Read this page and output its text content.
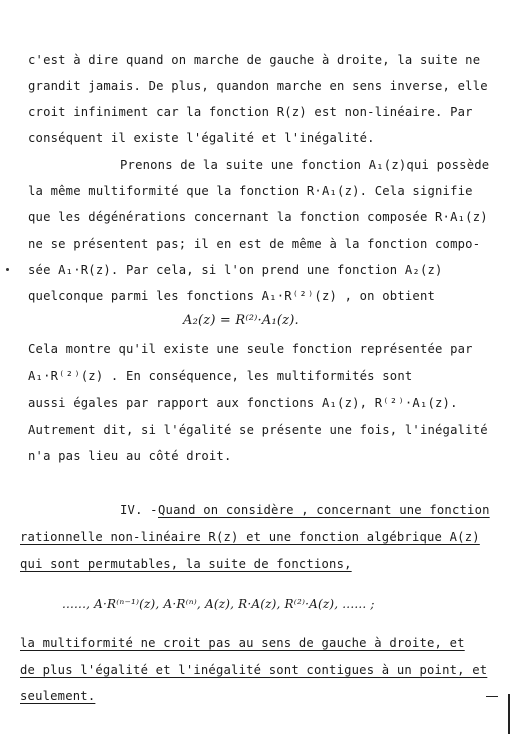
c'est à dire quand on marche de gauche à droite, la suite ne
grandit jamais. De plus, quandon marche en sens inverse, elle
croit infiniment car la fonction R(z) est non-linéaire. Par
conséquent il existe l'égalité et l'inégalité.
Prenons de la suite une fonction A₁(z)qui possède
la même multiformité que la fonction R·A₁(z). Cela signifie
que les dégénérations concernant la fonction composée R·A₁(z)
ne se présentent pas; il en est de même à la fonction compo-
sée A₁·R(z). Par cela, si l'on prend une fonction A₂(z)
quelconque parmi les fonctions A₁·R⁽²⁾(z) , on obtient
A₂(z) = R⁽²⁾·A₁(z).
Cela montre qu'il existe une seule fonction représentée par
A₁·R⁽²⁾(z) . En conséquence, les multiformités sont
aussi égales par rapport aux fonctions A₁(z), R⁽²⁾·A₁(z).
Autrement dit, si l'égalité se présente une fois, l'inégalité
n'a pas lieu au côté droit.
IV. - Quand on considère , concernant une fonction
rationnelle non-linéaire R(z) et une fonction algébrique A(z)
qui sont permutables, la suite de fonctions,
......, A·R⁽ⁿ⁻¹⁾(z), A·R⁽ⁿ⁾, A(z), R·A(z), R⁽²⁾·A(z), ...... ;
la multiformité ne croit pas au sens de gauche à droite, et
de plus l'égalité et l'inégalité sont contigues à un point, et
seulement.
